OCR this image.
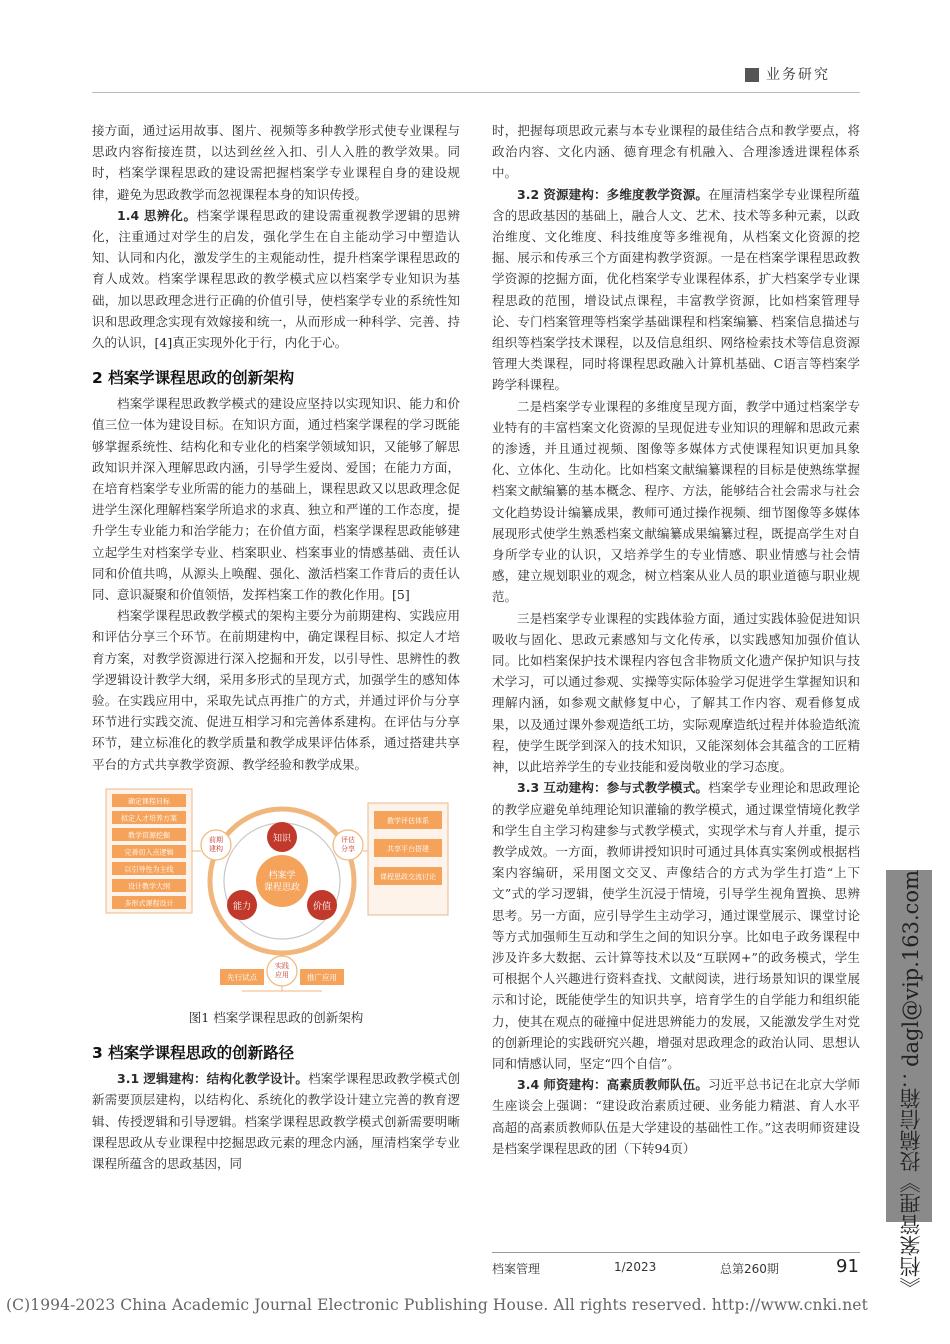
业务研究

接方面，通过运用故事、图片、视频等多种教学形式使专业课程与思政内容衔接连贯，以达到丝丝入扣、引人入胜的教学效果。同时，档案学课程思政的建设需把握档案学专业课程自身的建设规律，避免为思政教学而忽视课程本身的知识传授。

1.4 思辨化。档案学课程思政的建设需重视教学逻辑的思辨化，注重通过对学生的启发，强化学生在自主能动学习中塑造认知、认同和内化，激发学生的主观能动性，提升档案学课程思政的育人成效。档案学课程思政的教学模式应以档案学专业知识为基础，加以思政理念进行正确的价值引导，使档案学专业的系统性知识和思政理念实现有效嫁接和统一，从而形成一种科学、完善、持久的认识，[4]真正实现外化于行，内化于心。

2 档案学课程思政的创新架构

档案学课程思政教学模式的建设应坚持以实现知识、能力和价值三位一体为建设目标。在知识方面，通过档案学课程的学习既能够掌握系统性、结构化和专业化的档案学领域知识，又能够了解思政知识并深入理解思政内涵，引导学生爱岗、爱国；在能力方面，在培育档案学专业所需的能力的基础上，课程思政又以思政理念促进学生深化理解档案学所追求的求真、独立和严谨的工作态度，提升学生专业能力和治学能力；在价值方面，档案学课程思政能够建立起学生对档案学专业、档案职业、档案事业的情感基础、责任认同和价值共鸣，从源头上唤醒、强化、激活档案工作背后的责任认同、意识凝聚和价值领悟，发挥档案工作的教化作用。[5]

档案学课程思政教学模式的架构主要分为前期建构、实践应用和评估分享三个环节。在前期建构中，确定课程目标、拟定人才培育方案，对教学资源进行深入挖掘和开发，以引导性、思辨性的教学逻辑设计教学大纲，采用多形式的呈现方式，加强学生的感知体验。在实践应用中，采取先试点再推广的方式，并通过评价与分享环节进行实践交流、促进互相学习和完善体系建构。在评估与分享环节，建立标准化的教学质量和教学成果评估体系，通过搭建共享平台的方式共享教学资源、教学经验和教学成果。

确定课程目标
拟定人才培养方案
教学资源挖掘
完善切入点逻辑
以引导性为主线
设计教学大纲
多形式课程设计
教学评估体系
共享平台搭建
课程思政交流讨论
前期建构
实践应用
评估分享
知识
能力	价值
档案学
课程思政
先行试点	推广应用

图1 档案学课程思政的创新架构

3 档案学课程思政的创新路径

3.1 逻辑建构：结构化教学设计。档案学课程思政教学模式创新需要顶层建构，以结构化、系统化的教学设计建立完善的教育逻辑、传授逻辑和引导逻辑。档案学课程思政教学模式创新需要明晰课程思政从专业课程中挖掘思政元素的理念内涵，厘清档案学专业课程所蕴含的思政基因，同

时，把握每项思政元素与本专业课程的最佳结合点和教学要点，将政治内容、文化内涵、德育理念有机融入、合理渗透进课程体系中。

3.2 资源建构：多维度教学资源。在厘清档案学专业课程所蕴含的思政基因的基础上，融合人文、艺术、技术等多种元素，以政治维度、文化维度、科技维度等多维视角，从档案文化资源的挖掘、展示和传承三个方面建构教学资源。一是在档案学课程思政教学资源的挖掘方面，优化档案学专业课程体系，扩大档案学专业课程思政的范围，增设试点课程，丰富教学资源，比如档案管理导论、专门档案管理等档案学基础课程和档案编纂、档案信息描述与组织等档案学技术课程，以及信息组织、网络检索技术等信息资源管理大类课程，同时将课程思政融入计算机基础、C语言等档案学跨学科课程。

二是档案学专业课程的多维度呈现方面，教学中通过档案学专业特有的丰富档案文化资源的呈现促进专业知识的理解和思政元素的渗透，并且通过视频、图像等多媒体方式使课程知识更加具象化、立体化、生动化。比如档案文献编纂课程的目标是使熟练掌握档案文献编纂的基本概念、程序、方法，能够结合社会需求与社会文化趋势设计编纂成果，教师可通过操作视频、细节图像等多媒体展现形式使学生熟悉档案文献编纂成果编纂过程，既提高学生对自身所学专业的认识，又培养学生的专业情感、职业情感与社会情感，建立规划职业的观念，树立档案从业人员的职业道德与职业规范。

三是档案学专业课程的实践体验方面，通过实践体验促进知识吸收与固化、思政元素感知与文化传承，以实践感知加强价值认同。比如档案保护技术课程内容包含非物质文化遗产保护知识与技术学习，可以通过参观、实操等实际体验学习促进学生掌握知识和理解内涵，如参观文献修复中心，了解其工作内容、观看修复成果，以及通过课外参观造纸工坊，实际观摩造纸过程并体验造纸流程，使学生既学到深入的技术知识，又能深刻体会其蕴含的工匠精神，以此培养学生的专业技能和爱岗敬业的学习态度。

3.3 互动建构：参与式教学模式。档案学专业理论和思政理论的教学应避免单纯理论知识灌输的教学模式，通过课堂情境化教学和学生自主学习构建参与式教学模式，实现学术与育人并重，提示教学成效。一方面，教师讲授知识时可通过具体真实案例或根据档案内容编研，采用图文交叉、声像结合的方式为学生打造“上下文”式的学习逻辑，使学生沉浸于情境，引导学生视角置换、思辨思考。另一方面，应引导学生主动学习，通过课堂展示、课堂讨论等方式加强师生互动和学生之间的知识分享。比如电子政务课程中涉及许多大数据、云计算等技术以及“互联网+”的政务模式，学生可根据个人兴趣进行资料查找、文献阅读，进行场景知识的课堂展示和讨论，既能使学生的知识共享，培育学生的自学能力和组织能力，使其在观点的碰撞中促进思辨能力的发展，又能激发学生对党的创新理论的实践研究兴趣，增强对思政理念的政治认同、思想认同和情感认同，坚定“四个自信”。

3.4 师资建构：高素质教师队伍。习近平总书记在北京大学师生座谈会上强调：“建设政治素质过硬、业务能力精湛、育人水平高超的高素质教师队伍是大学建设的基础性工作。”这表明师资建设是档案学课程思政的团（下转94页）	《档案管理》投稿信箱：dagl@vip.163.com
档案管理	1/2023	总第260期	91
(C)1994-2023 China Academic Journal Electronic Publishing House. All rights reserved. http://www.cnki.net
